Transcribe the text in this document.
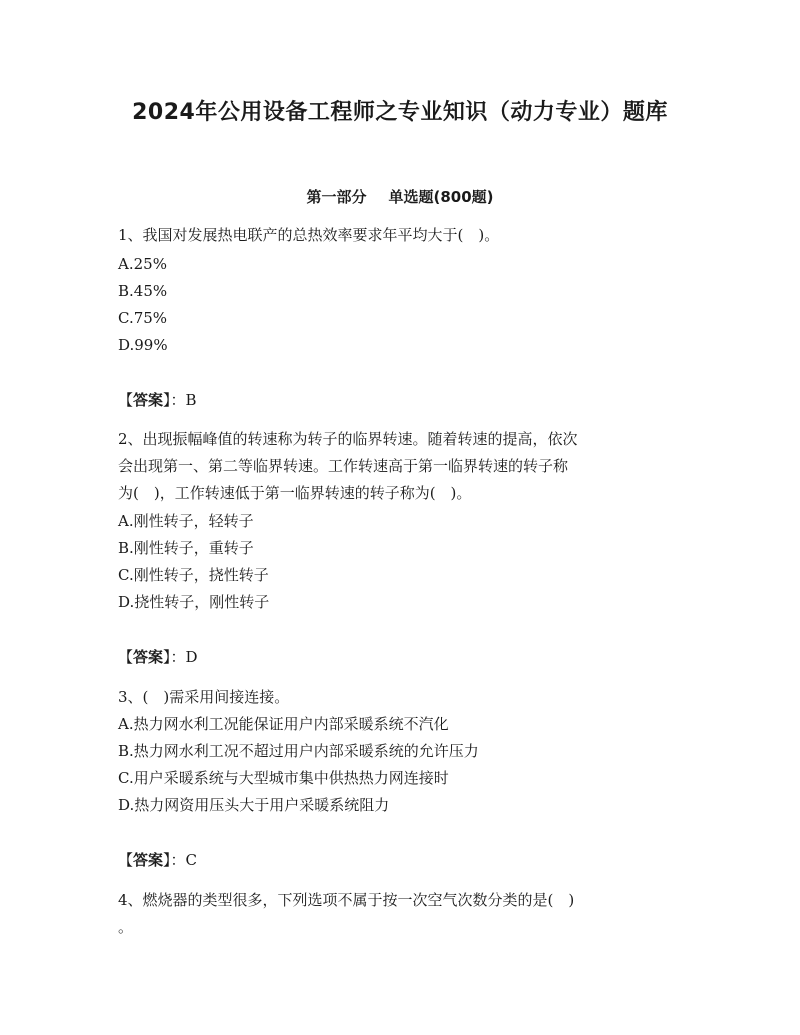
2024年公用设备工程师之专业知识（动力专业）题库
第一部分 单选题(800题)

1、我国对发展热电联产的总热效率要求年平均大于(　)。

A.25%

B.45%

C.75%

D.99%

【答案】：B

2、出现振幅峰值的转速称为转子的临界转速。随着转速的提高，依次

会出现第一、第二等临界转速。工作转速高于第一临界转速的转子称

为(　)，工作转速低于第一临界转速的转子称为(　)。

A.刚性转子，轻转子

B.刚性转子，重转子

C.刚性转子，挠性转子

D.挠性转子，刚性转子

【答案】：D

3、(　)需采用间接连接。

A.热力网水利工况能保证用户内部采暖系统不汽化

B.热力网水利工况不超过用户内部采暖系统的允许压力

C.用户采暖系统与大型城市集中供热热力网连接时

D.热力网资用压头大于用户采暖系统阻力

【答案】：C

4、燃烧器的类型很多，下列选项不属于按一次空气次数分类的是(　)

。
